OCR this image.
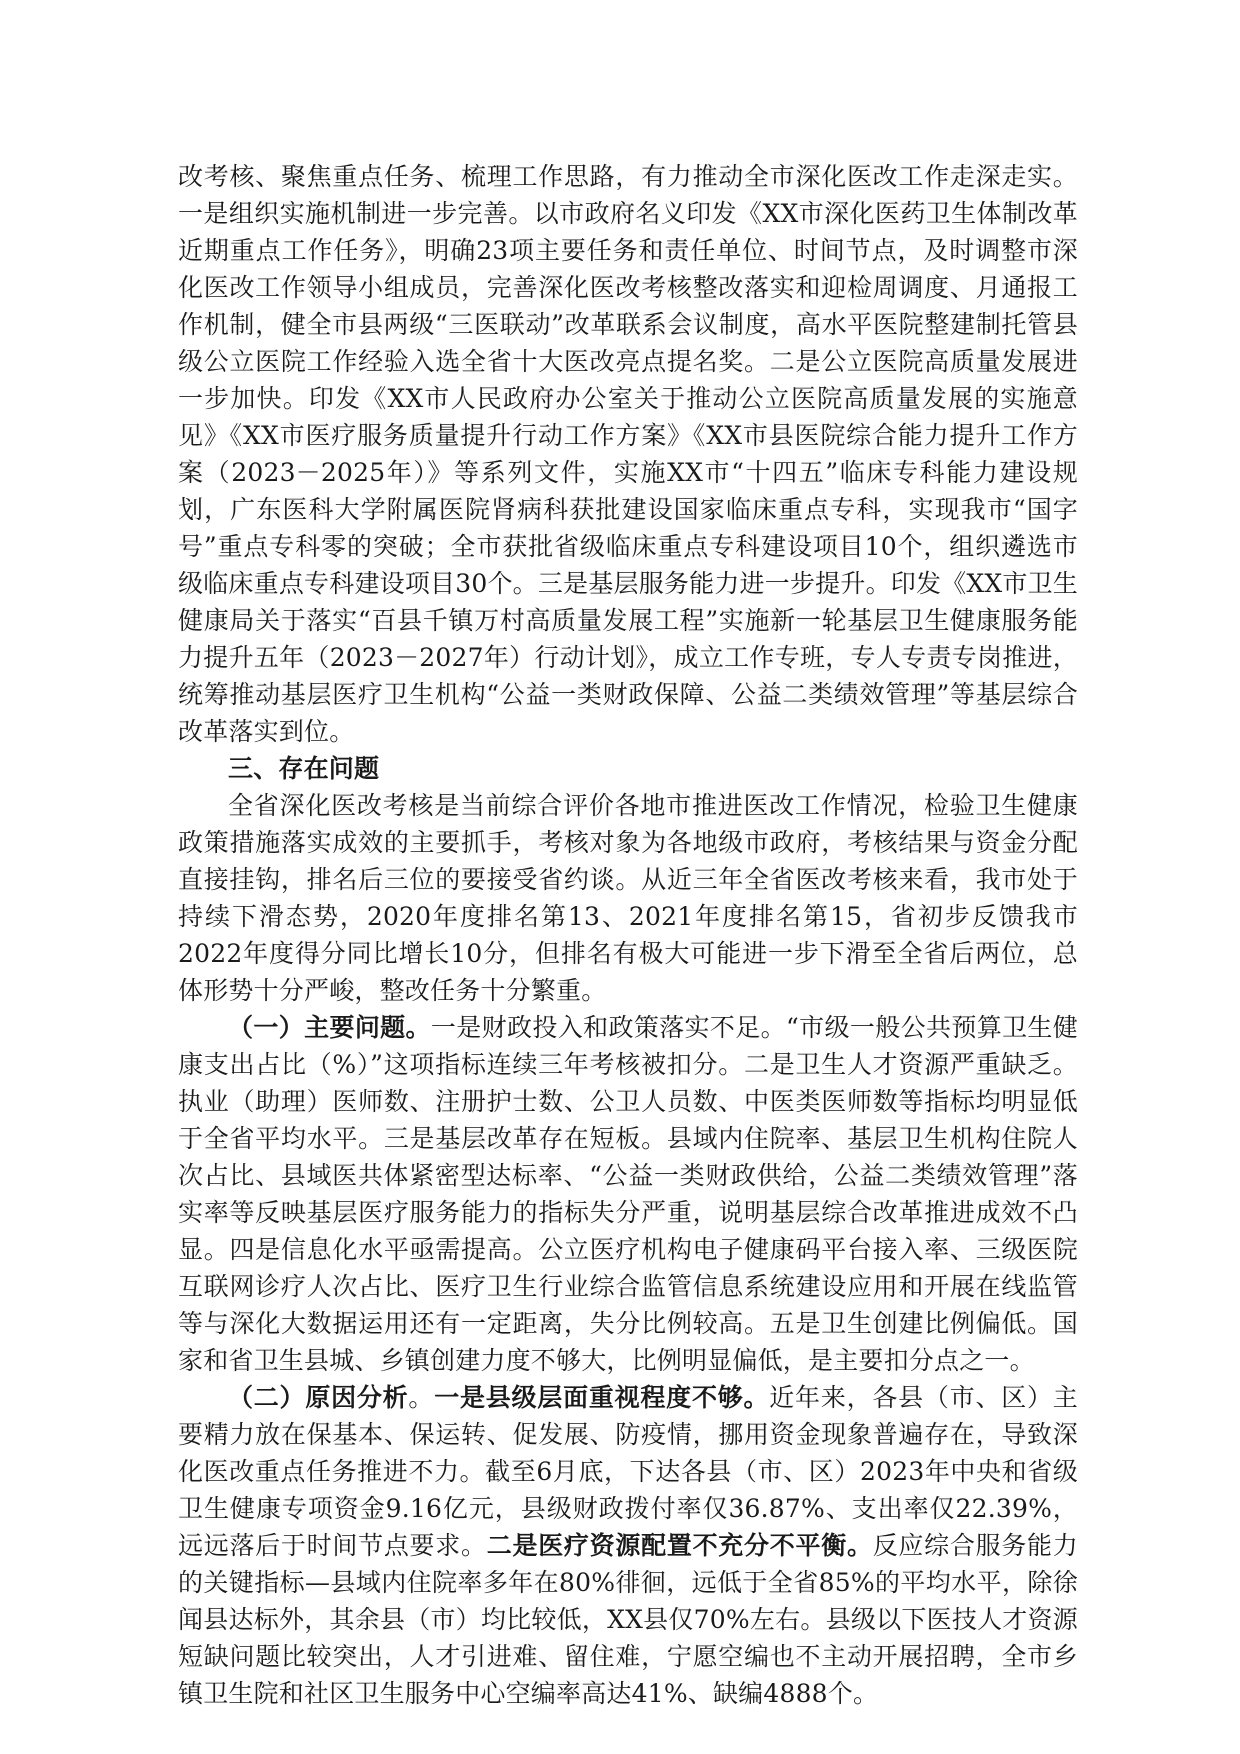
改考核、聚焦重点任务、梳理工作思路，有力推动全市深化医改工作走深走实。一是组织实施机制进一步完善。以市政府名义印发《XX市深化医药卫生体制改革近期重点工作任务》，明确23项主要任务和责任单位、时间节点，及时调整市深化医改工作领导小组成员，完善深化医改考核整改落实和迎检周调度、月通报工作机制，健全市县两级“三医联动”改革联系会议制度，高水平医院整建制托管县级公立医院工作经验入选全省十大医改亮点提名奖。二是公立医院高质量发展进一步加快。印发《XX市人民政府办公室关于推动公立医院高质量发展的实施意见》《XX市医疗服务质量提升行动工作方案》《XX市县医院综合能力提升工作方案（2023－2025年）》等系列文件，实施XX市“十四五”临床专科能力建设规划，广东医科大学附属医院肾病科获批建设国家临床重点专科，实现我市“国字号”重点专科零的突破；全市获批省级临床重点专科建设项目10个，组织遴选市级临床重点专科建设项目30个。三是基层服务能力进一步提升。印发《XX市卫生健康局关于落实“百县千镇万村高质量发展工程”实施新一轮基层卫生健康服务能力提升五年（2023－2027年）行动计划》，成立工作专班，专人专责专岗推进，统筹推动基层医疗卫生机构“公益一类财政保障、公益二类绩效管理”等基层综合改革落实到位。

三、存在问题

全省深化医改考核是当前综合评价各地市推进医改工作情况，检验卫生健康政策措施落实成效的主要抓手，考核对象为各地级市政府，考核结果与资金分配直接挂钩，排名后三位的要接受省约谈。从近三年全省医改考核来看，我市处于持续下滑态势，2020年度排名第13、2021年度排名第15，省初步反馈我市2022年度得分同比增长10分，但排名有极大可能进一步下滑至全省后两位，总体形势十分严峻，整改任务十分繁重。

（一）主要问题。一是财政投入和政策落实不足。“市级一般公共预算卫生健康支出占比（%）”这项指标连续三年考核被扣分。二是卫生人才资源严重缺乏。执业（助理）医师数、注册护士数、公卫人员数、中医类医师数等指标均明显低于全省平均水平。三是基层改革存在短板。县域内住院率、基层卫生机构住院人次占比、县域医共体紧密型达标率、“公益一类财政供给，公益二类绩效管理”落实率等反映基层医疗服务能力的指标失分严重，说明基层综合改革推进成效不凸显。四是信息化水平亟需提高。公立医疗机构电子健康码平台接入率、三级医院互联网诊疗人次占比、医疗卫生行业综合监管信息系统建设应用和开展在线监管等与深化大数据运用还有一定距离，失分比例较高。五是卫生创建比例偏低。国家和省卫生县城、乡镇创建力度不够大，比例明显偏低，是主要扣分点之一。

（二）原因分析。一是县级层面重视程度不够。近年来，各县（市、区）主要精力放在保基本、保运转、促发展、防疫情，挪用资金现象普遍存在，导致深化医改重点任务推进不力。截至6月底，下达各县（市、区）2023年中央和省级卫生健康专项资金9.16亿元，县级财政拨付率仅36.87%、支出率仅22.39%，远远落后于时间节点要求。二是医疗资源配置不充分不平衡。反应综合服务能力的关键指标—县域内住院率多年在80%徘徊，远低于全省85%的平均水平，除徐闻县达标外，其余县（市）均比较低，XX县仅70%左右。县级以下医技人才资源短缺问题比较突出，人才引进难、留住难，宁愿空编也不主动开展招聘，全市乡镇卫生院和社区卫生服务中心空编率高达41%、缺编4888个。
